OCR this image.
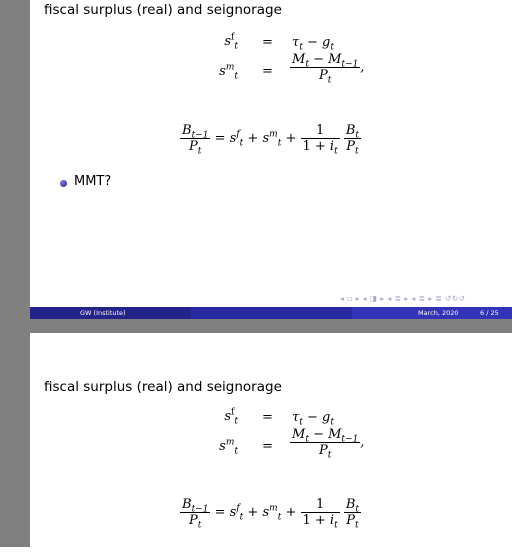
fiscal surplus (real) and seignorage
$s^f_t = \tau_t - g_t$
$s^m_t = \frac{M_t - M_{t-1}}{P_t}$ ,
$\frac{B_{t-1}}{P_t} = s^f_t + s^m_t + \frac{1}{1 + i_t}$
$\frac{B_t}{P_t}$
MMT?
◂ ▫ ▸ ◂ ◨ ▸ ◂ ≣ ▸ ◂ ≣ ▸ ≣ ↺↻↺
GW (Institute)	March, 2020	6 / 25
fiscal surplus (real) and seignorage
$s^f_t = \tau_t - g_t$
$s^m_t = \frac{M_t - M_{t-1}}{P_t}$ ,
$\frac{B_{t-1}}{P_t} = s^f_t + s^m_t + \frac{1}{1 + i_t}$
$\frac{B_t}{P_t}$
